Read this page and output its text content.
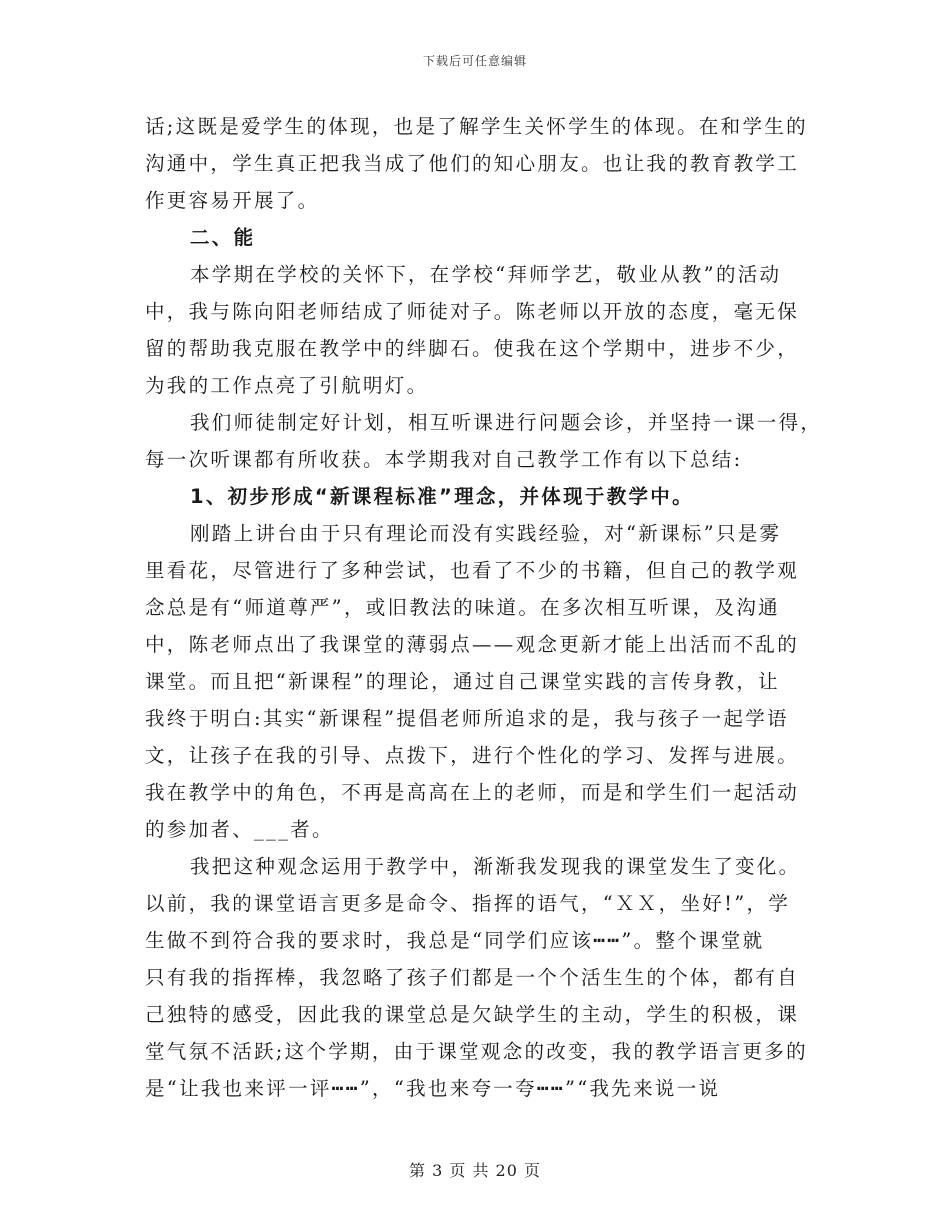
下载后可任意编辑
话;这既是爱学生的体现，也是了解学生关怀学生的体现。在和学生的
沟通中，学生真正把我当成了他们的知心朋友。也让我的教育教学工
作更容易开展了。
二、能
本学期在学校的关怀下，在学校“拜师学艺，敬业从教”的活动
中，我与陈向阳老师结成了师徒对子。陈老师以开放的态度，毫无保
留的帮助我克服在教学中的绊脚石。使我在这个学期中，进步不少，
为我的工作点亮了引航明灯。
我们师徒制定好计划，相互听课进行问题会诊，并坚持一课一得，
每一次听课都有所收获。本学期我对自己教学工作有以下总结:
1、初步形成“新课程标准”理念，并体现于教学中。
刚踏上讲台由于只有理论而没有实践经验，对“新课标”只是雾
里看花，尽管进行了多种尝试，也看了不少的书籍，但自己的教学观
念总是有“师道尊严”，或旧教法的味道。在多次相互听课，及沟通
中，陈老师点出了我课堂的薄弱点——观念更新才能上出活而不乱的
课堂。而且把“新课程”的理论，通过自己课堂实践的言传身教，让
我终于明白:其实“新课程”提倡老师所追求的是，我与孩子一起学语
文，让孩子在我的引导、点拨下，进行个性化的学习、发挥与进展。
我在教学中的角色，不再是高高在上的老师，而是和学生们一起活动
的参加者、___者。
我把这种观念运用于教学中，渐渐我发现我的课堂发生了变化。
以前，我的课堂语言更多是命令、指挥的语气，“ＸＸ，坐好!”，学
生做不到符合我的要求时，我总是“同学们应该┅┅”。整个课堂就
只有我的指挥棒，我忽略了孩子们都是一个个活生生的个体，都有自
己独特的感受，因此我的课堂总是欠缺学生的主动，学生的积极，课
堂气氛不活跃;这个学期，由于课堂观念的改变，我的教学语言更多的
是“让我也来评一评┅┅”，“我也来夸一夸┅┅”“我先来说一说
第 3 页 共 20 页
